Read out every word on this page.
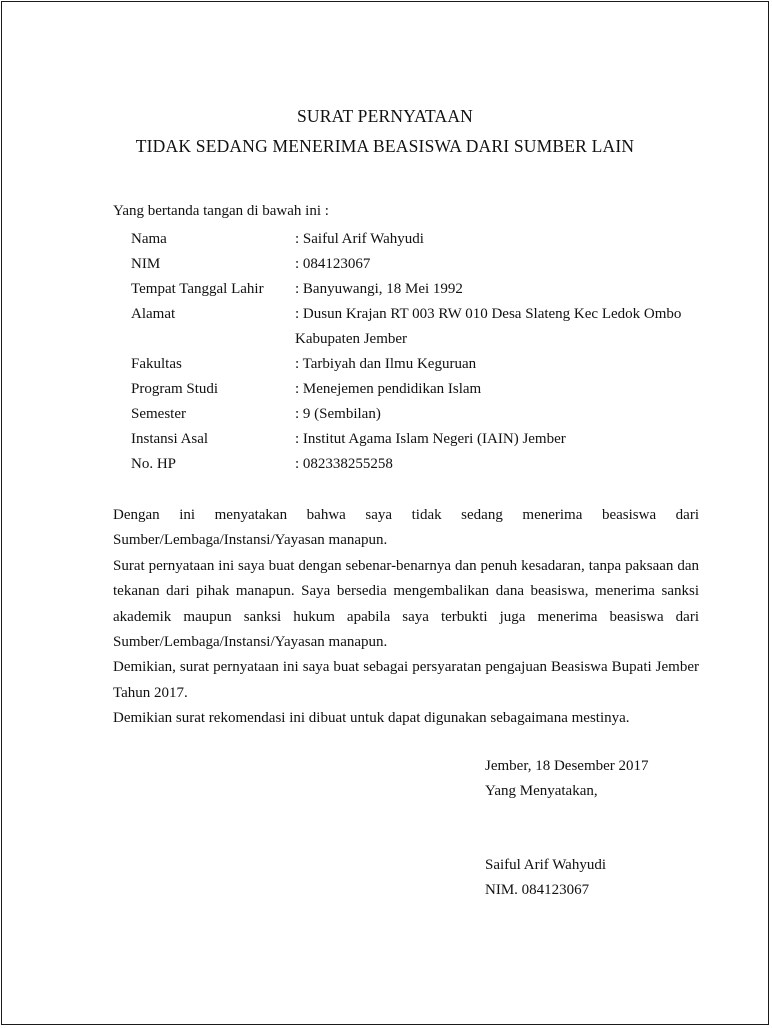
SURAT PERNYATAAN
TIDAK SEDANG MENERIMA BEASISWA DARI SUMBER LAIN

Yang bertanda tangan di bawah ini :

Nama	: Saiful Arif Wahyudi
NIM	: 084123067
Tempat Tanggal Lahir	: Banyuwangi, 18 Mei 1992
Alamat	: Dusun Krajan RT 003 RW 010 Desa Slateng Kec Ledok Ombo Kabupaten Jember
Fakultas	: Tarbiyah dan Ilmu Keguruan
Program Studi	: Menejemen pendidikan Islam
Semester	: 9 (Sembilan)
Instansi Asal	: Institut Agama Islam Negeri (IAIN) Jember
No. HP	: 082338255258

Dengan ini menyatakan bahwa saya tidak sedang menerima beasiswa dari Sumber/Lembaga/Instansi/Yayasan manapun.

Surat pernyataan ini saya buat dengan sebenar-benarnya dan penuh kesadaran, tanpa paksaan dan tekanan dari pihak manapun. Saya bersedia mengembalikan dana beasiswa, menerima sanksi akademik maupun sanksi hukum apabila saya terbukti juga menerima beasiswa dari Sumber/Lembaga/Instansi/Yayasan manapun.

Demikian, surat pernyataan ini saya buat sebagai persyaratan pengajuan Beasiswa Bupati Jember Tahun 2017.

Demikian surat rekomendasi ini dibuat untuk dapat digunakan sebagaimana mestinya.

Jember, 18 Desember 2017
Yang Menyatakan,
Saiful Arif Wahyudi
NIM. 084123067
